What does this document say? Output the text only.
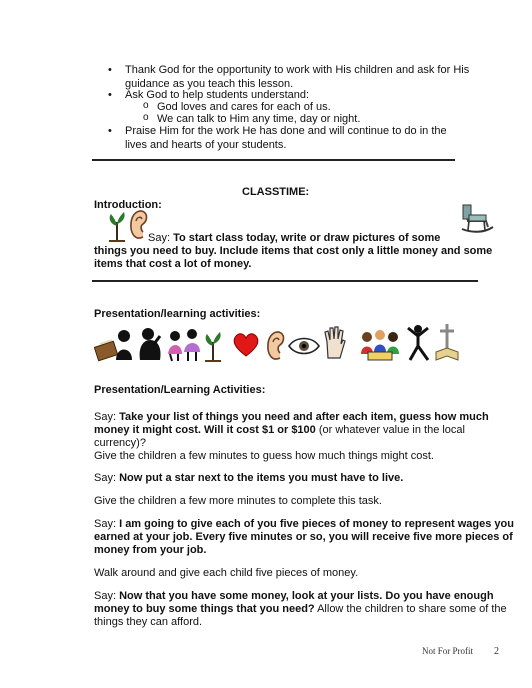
• Thank God for the opportunity to work with His children and ask for His
guidance as you teach this lesson.
• Ask God to help students understand:
o God loves and cares for each of us.
o We can talk to Him any time, day or night.
• Praise Him for the work He has done and will continue to do in the
lives and hearts of your students.
CLASSTIME:
Introduction:
Say: To start class today, write or draw pictures of some
things you need to buy. Include items that cost only a little money and some
items that cost a lot of money.
Presentation/learning activities:
Presentation/Learning Activities:
Say: Take your list of things you need and after each item, guess how much
money it might cost. Will it cost $1 or $100 (or whatever value in the local
currency)?
Give the children a few minutes to guess how much things might cost.
Say: Now put a star next to the items you must have to live.
Give the children a few more minutes to complete this task.
Say: I am going to give each of you five pieces of money to represent wages you
earned at your job. Every five minutes or so, you will receive five more pieces of
money from your job.
Walk around and give each child five pieces of money.
Say: Now that you have some money, look at your lists. Do you have enough
money to buy some things that you need? Allow the children to share some of the
things they can afford.
Not For Profit 2
